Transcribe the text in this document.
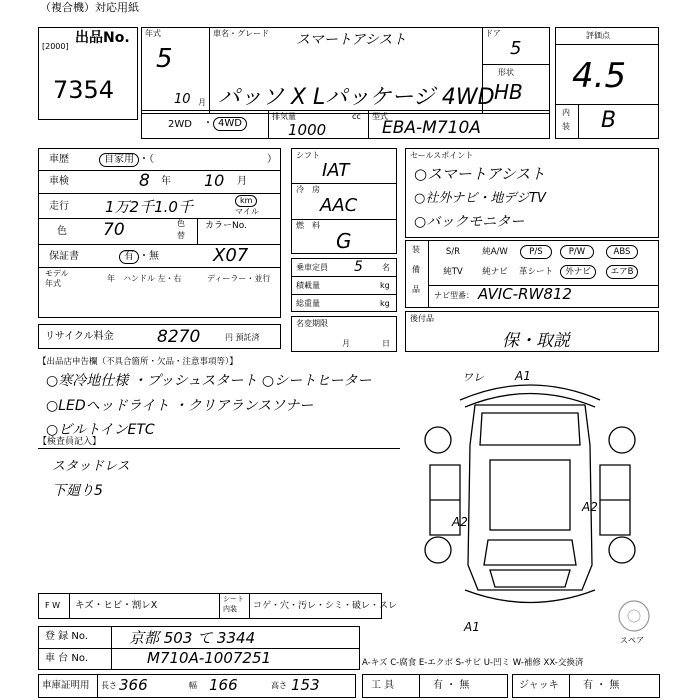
（複合機）対応用紙
出品No.
[2000]
7354
年式
5
10 月
車名・グレード スマートアシスト
パッソ X Lパッケージ 4WD
ドア
5
形状
HB
2WD ・ 4WD
排気量
1000
cc 型式
EBA-M710A
評価点
4.5
内
装 B
車歴	自家用 ・（	）
車検	8 年 10 月
走行 1万2千1.0千	km
マイル
色 70	色
替
カラーNo.
保証書	有 ・無	X07
モデル
年式
年 ハンドル 左・右	ディーラー・並行
リサイクル料金	8270	円 預託済
シフト
IAT
冷 房
AAC
燃 料
G
乗車定員 5 名
積載量	kg
総重量	kg
名変期限
月	日
セールスポイント
○スマートアシスト
○社外ナビ・地デジTV
○バックモニター
装
備
品
S/R	純A/W	P/S	P/W	ABS
純TV	純ナビ	革シート	外ナビ	エアB
ナビ型番： AVIC-RW812
後付品
保・取説
【出品店申告欄（不具合箇所・欠品・注意事項等）】
○寒冷地仕様 ・プッシュスタート ○シートヒーター
○LEDヘッドライト ・クリアランスソナー
○ビルトインETC
【検査員記入】
スタッドレス
下廻り5
ワレ	A1
A2
A2
A1
スペア
F W キズ・ヒビ・割レX
シート
内装 コゲ・穴・汚レ・シミ・破レ・スレ
登 録 No.	京都 503 て 3344
車 台 No.	M710A-1007251	A-キズ C-腐食 E-エクボ S-サビ U-凹ミ W-補修 XX-交換済
車庫証明用 長さ 366	幅 166	高さ 153	工 具	有 ・ 無	ジャッキ 有 ・ 無
